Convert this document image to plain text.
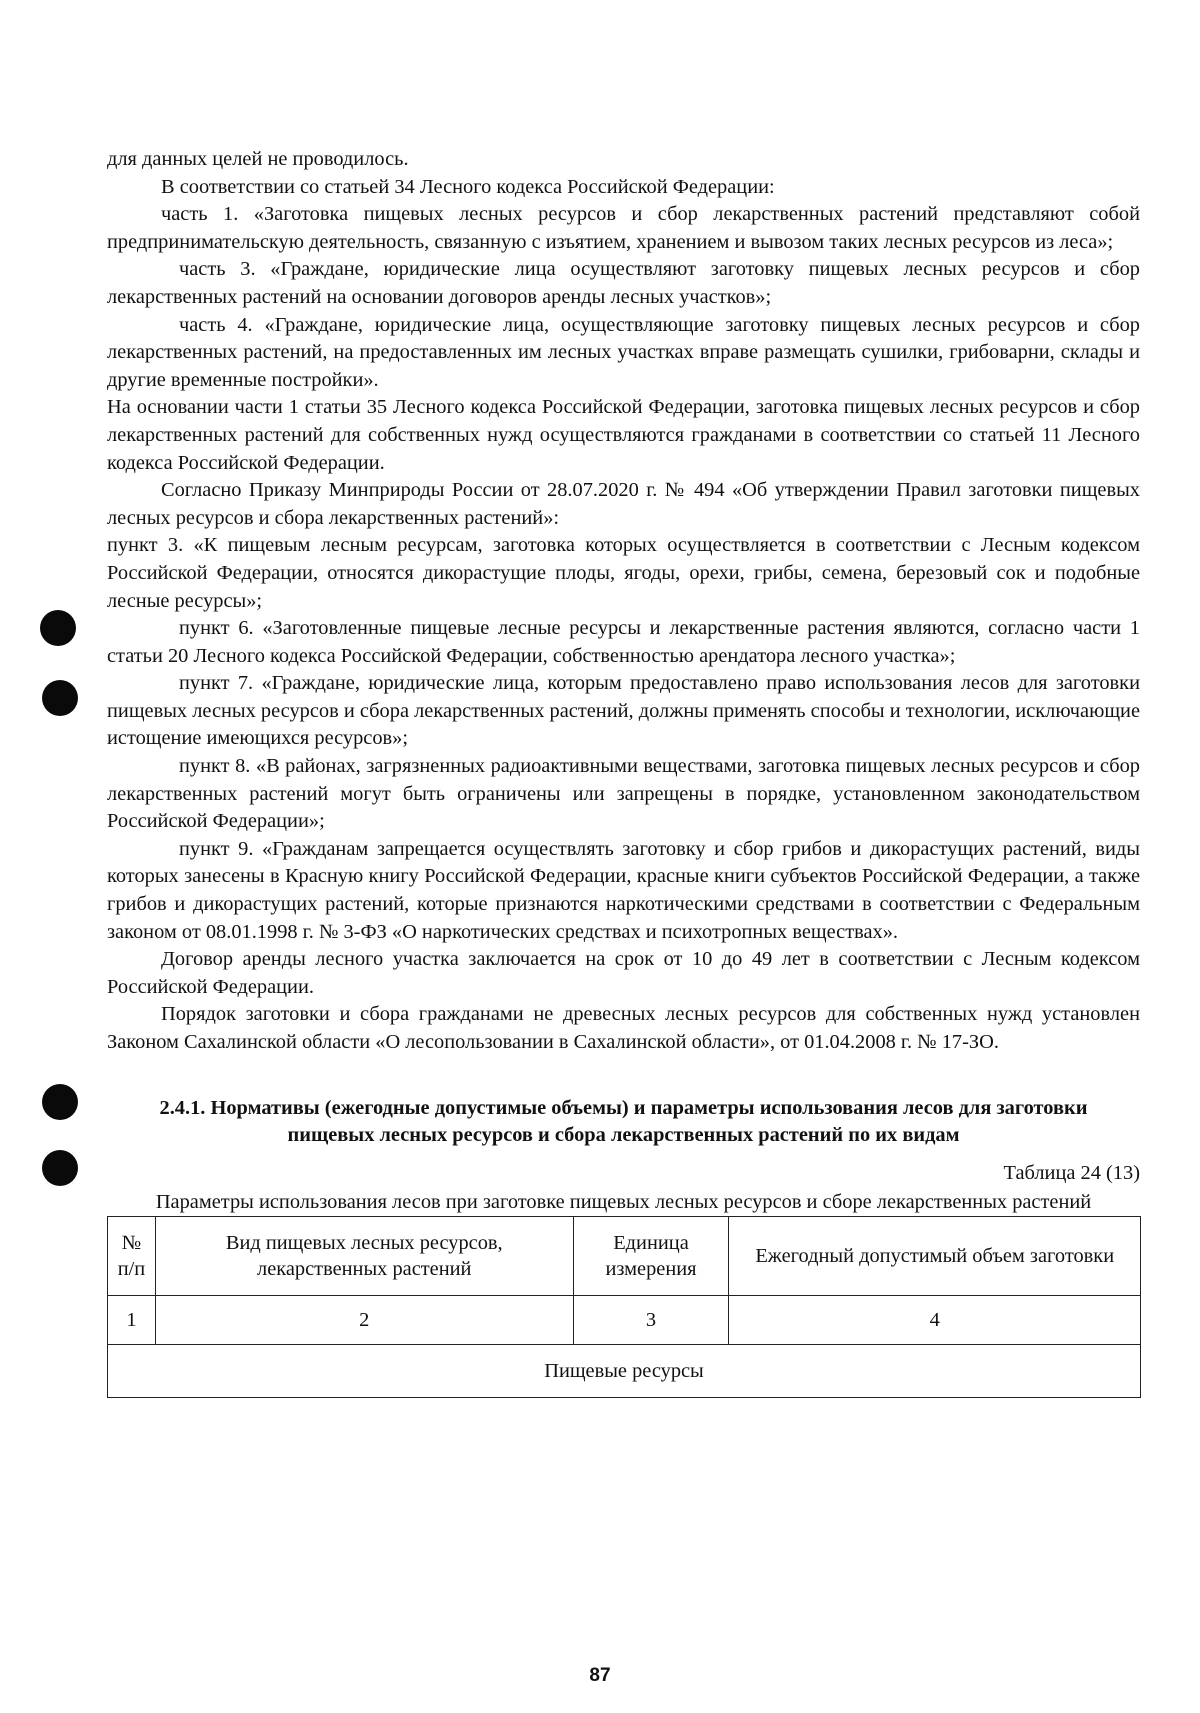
для данных целей не проводилось.

В соответствии со статьей 34 Лесного кодекса Российской Федерации:

часть 1. «Заготовка пищевых лесных ресурсов и сбор лекарственных растений представляют собой предпринимательскую деятельность, связанную с изъятием, хранением и вывозом таких лесных ресурсов из леса»;

часть 3. «Граждане, юридические лица осуществляют заготовку пищевых лесных ресурсов и сбор лекарственных растений на основании договоров аренды лесных участков»;

часть 4. «Граждане, юридические лица, осуществляющие заготовку пищевых лесных ресурсов и сбор лекарственных растений, на предоставленных им лесных участках вправе размещать сушилки, грибоварни, склады и другие временные постройки».

На основании части 1 статьи 35 Лесного кодекса Российской Федерации, заготовка пищевых лесных ресурсов и сбор лекарственных растений для собственных нужд осуществляются гражданами в соответствии со статьей 11 Лесного кодекса Российской Федерации.

Согласно Приказу Минприроды России от 28.07.2020 г. № 494 «Об утверждении Правил заготовки пищевых лесных ресурсов и сбора лекарственных растений»:

пункт 3. «К пищевым лесным ресурсам, заготовка которых осуществляется в соответствии с Лесным кодексом Российской Федерации, относятся дикорастущие плоды, ягоды, орехи, грибы, семена, березовый сок и подобные лесные ресурсы»;

пункт 6. «Заготовленные пищевые лесные ресурсы и лекарственные растения являются, согласно части 1 статьи 20 Лесного кодекса Российской Федерации, собственностью арендатора лесного участка»;

пункт 7. «Граждане, юридические лица, которым предоставлено право использования лесов для заготовки пищевых лесных ресурсов и сбора лекарственных растений, должны применять способы и технологии, исключающие истощение имеющихся ресурсов»;

пункт 8. «В районах, загрязненных радиоактивными веществами, заготовка пищевых лесных ресурсов и сбор лекарственных растений могут быть ограничены или запрещены в порядке, установленном законодательством Российской Федерации»;

пункт 9. «Гражданам запрещается осуществлять заготовку и сбор грибов и дикорастущих растений, виды которых занесены в Красную книгу Российской Федерации, красные книги субъектов Российской Федерации, а также грибов и дикорастущих растений, которые признаются наркотическими средствами в соответствии с Федеральным законом от 08.01.1998 г. № 3-ФЗ «О наркотических средствах и психотропных веществах».

Договор аренды лесного участка заключается на срок от 10 до 49 лет в соответствии с Лесным кодексом Российской Федерации.

Порядок заготовки и сбора гражданами не древесных лесных ресурсов для собственных нужд установлен Законом Сахалинской области «О лесопользовании в Сахалинской области», от 01.04.2008 г. № 17-ЗО.

2.4.1. Нормативы (ежегодные допустимые объемы) и параметры использования лесов для заготовки пищевых лесных ресурсов и сбора лекарственных растений по их видам

Таблица 24 (13)

Параметры использования лесов при заготовке пищевых лесных ресурсов и сборе лекарственных растений

№ п/п	Вид пищевых лесных ресурсов, лекарственных растений	Единица измерения	Ежегодный допустимый объем заготовки
1	2	3	4
Пищевые ресурсы			
87
